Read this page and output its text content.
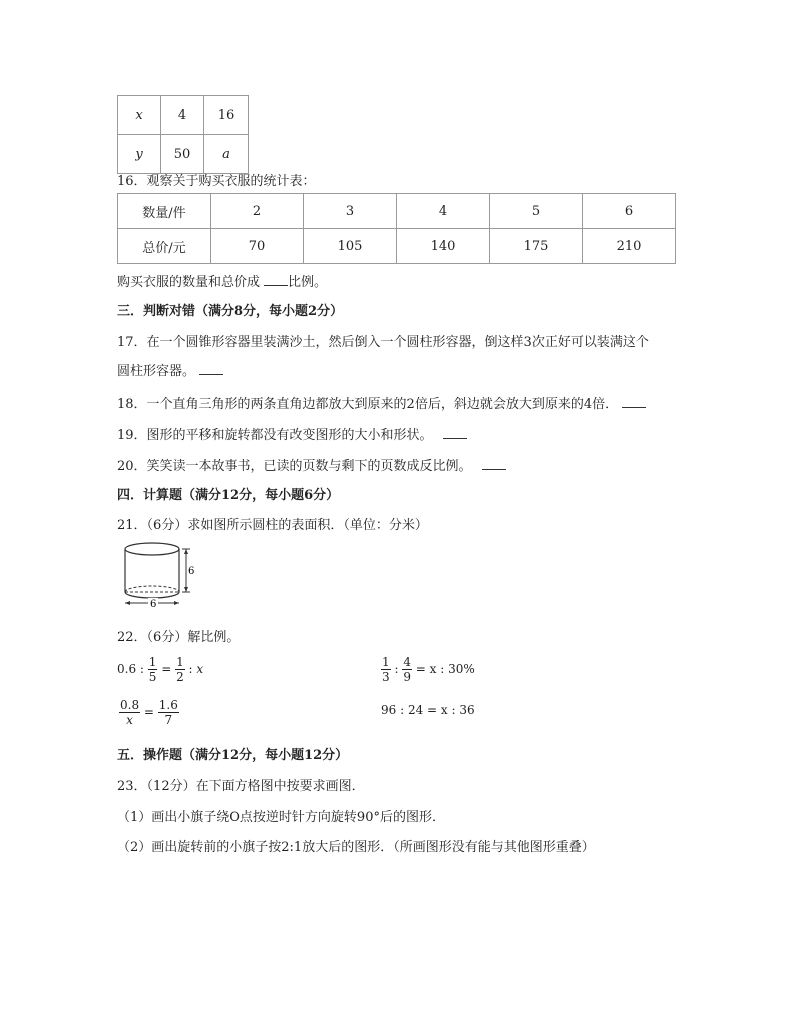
x	4	16
y	50	a
16．观察关于购买衣服的统计表：
数量/件	2	3	4	5	6
总价/元	70	105	140	175	210
购买衣服的数量和总价成 比例。
三．判断对错（满分8分，每小题2分）
17．在一个圆锥形容器里装满沙土，然后倒入一个圆柱形容器，倒这样3次正好可以装满这个
圆柱形容器。
18．一个直角三角形的两条直角边都放大到原来的2倍后，斜边就会放大到原来的4倍．
19．图形的平移和旋转都没有改变图形的大小和形状。
20．笑笑读一本故事书，已读的页数与剩下的页数成反比例。
四．计算题（满分12分，每小题6分）
21．（6分）求如图所示圆柱的表面积．（单位：分米）
6
6
22．（6分）解比例。
0.6 : $\frac{1}{5} = \frac{1}{2}$ : x	$\frac{1}{3}$ : $\frac{4}{9} = x$ : 30%
$\frac{0.8}{x} = \frac{1.6}{7}$	96 : 24 = x : 36
五．操作题（满分12分，每小题12分）
23．（12分）在下面方格图中按要求画图．
（1）画出小旗子绕O点按逆时针方向旋转90°后的图形．
（2）画出旋转前的小旗子按2:1放大后的图形．（所画图形没有能与其他图形重叠）
